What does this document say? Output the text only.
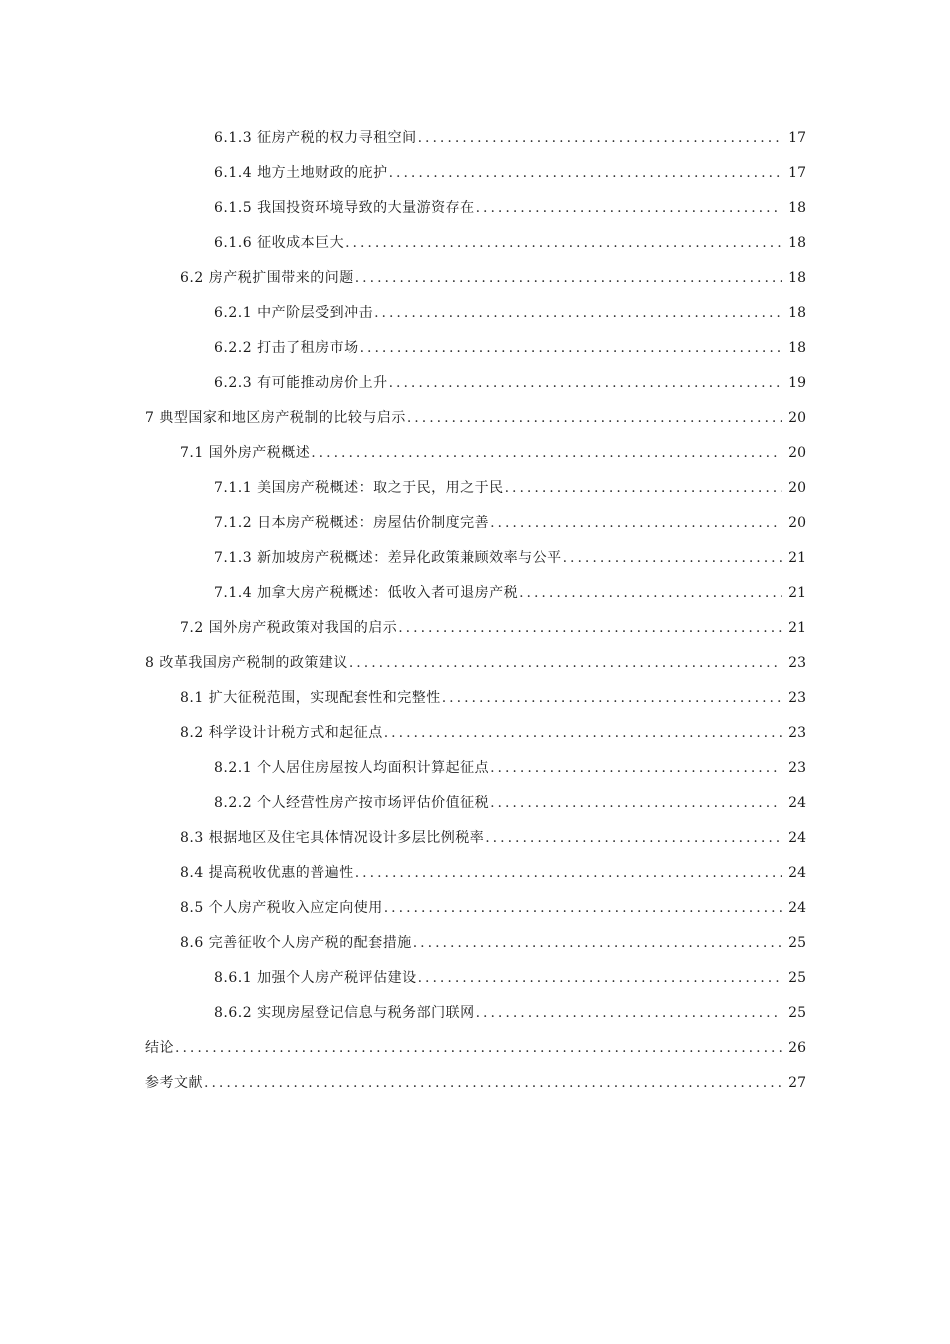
6.1.3 征房产税的权力寻租空间 .....	17
6.1.4 地方土地财政的庇护 .....	17
6.1.5 我国投资环境导致的大量游资存在 .....	18
6.1.6 征收成本巨大 .....	18
6.2 房产税扩围带来的问题 .....	18
6.2.1 中产阶层受到冲击 .....	18
6.2.2 打击了租房市场 .....	18
6.2.3 有可能推动房价上升 .....	19
7 典型国家和地区房产税制的比较与启示 .....	20
7.1 国外房产税概述 .....	20
7.1.1 美国房产税概述：取之于民，用之于民 .....	20
7.1.2 日本房产税概述：房屋估价制度完善 .....	20
7.1.3 新加坡房产税概述：差异化政策兼顾效率与公平 .....	21
7.1.4 加拿大房产税概述：低收入者可退房产税 .....	21
7.2 国外房产税政策对我国的启示 .....	21
8 改革我国房产税制的政策建议 .....	23
8.1 扩大征税范围，实现配套性和完整性 .....	23
8.2 科学设计计税方式和起征点 .....	23
8.2.1 个人居住房屋按人均面积计算起征点 .....	23
8.2.2 个人经营性房产按市场评估价值征税 .....	24
8.3 根据地区及住宅具体情况设计多层比例税率 .....	24
8.4 提高税收优惠的普遍性 .....	24
8.5 个人房产税收入应定向使用 .....	24
8.6 完善征收个人房产税的配套措施 .....	25
8.6.1 加强个人房产税评估建设 .....	25
8.6.2 实现房屋登记信息与税务部门联网 .....	25
结论 .....	26
参考文献 .....	27
